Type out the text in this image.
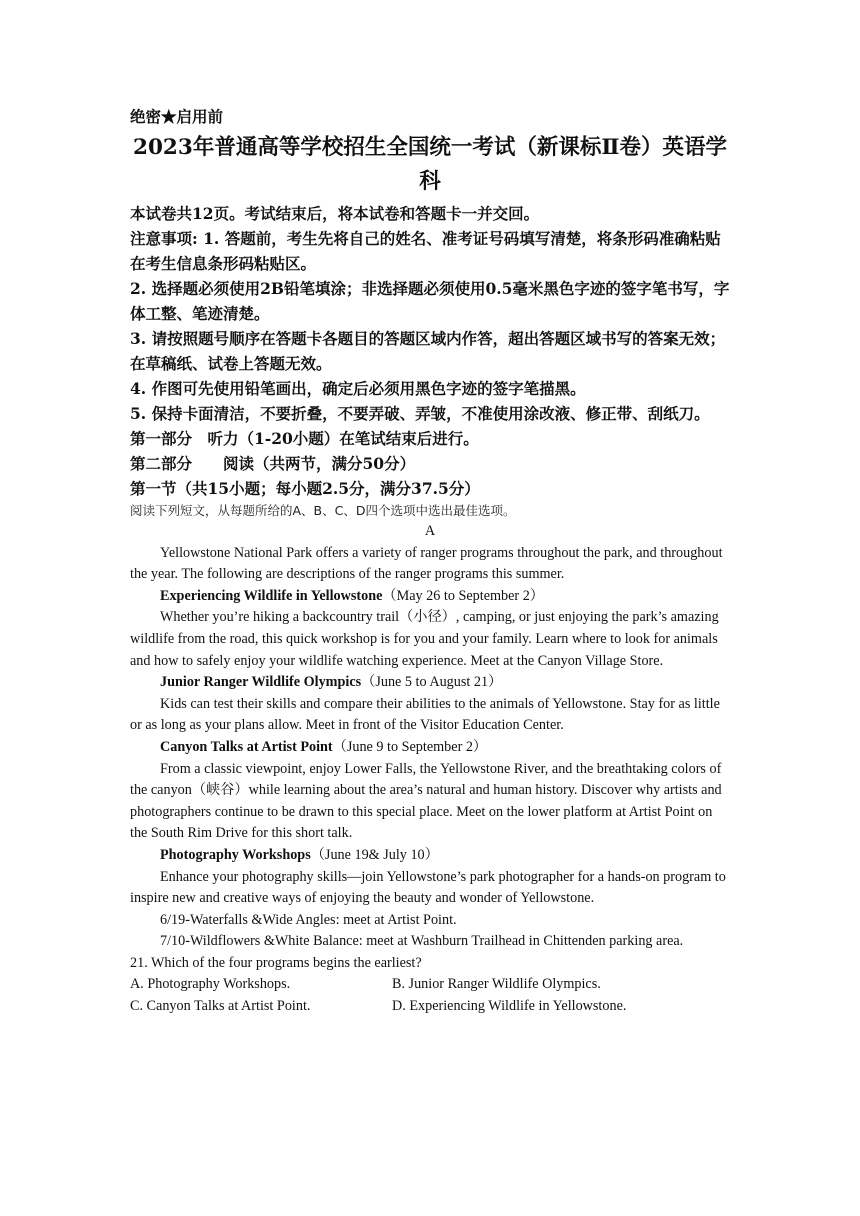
绝密★启用前
2023年普通高等学校招生全国统一考试（新课标Ⅱ卷）英语学科

本试卷共12页。考试结束后，将本试卷和答题卡一并交回。

注意事项: 1. 答题前，考生先将自己的姓名、准考证号码填写清楚，将条形码准确粘贴在考生信息条形码粘贴区。

2. 选择题必须使用2B铅笔填涂；非选择题必须使用0.5毫米黑色字迹的签字笔书写，字体工整、笔迹清楚。

3. 请按照题号顺序在答题卡各题目的答题区域内作答，超出答题区域书写的答案无效；在草稿纸、试卷上答题无效。

4. 作图可先使用铅笔画出，确定后必须用黑色字迹的签字笔描黑。

5. 保持卡面清洁，不要折叠，不要弄破、弄皱，不准使用涂改液、修正带、刮纸刀。

第一部分　听力（1-20小题）在笔试结束后进行。

第二部分　　阅读（共两节，满分50分）

第一节（共15小题；每小题2.5分，满分37.5分）

阅读下列短文，从每题所给的A、B、C、D四个选项中选出最佳选项。

A

Yellowstone National Park offers a variety of ranger programs throughout the park, and throughout the year. The following are descriptions of the ranger programs this summer.

Experiencing Wildlife in Yellowstone（May 26 to September 2）

Whether you’re hiking a backcountry trail（小径）, camping, or just enjoying the park’s amazing wildlife from the road, this quick workshop is for you and your family. Learn where to look for animals and how to safely enjoy your wildlife watching experience. Meet at the Canyon Village Store.

Junior Ranger Wildlife Olympics（June 5 to August 21）

Kids can test their skills and compare their abilities to the animals of Yellowstone. Stay for as little or as long as your plans allow. Meet in front of the Visitor Education Center.

Canyon Talks at Artist Point（June 9 to September 2）

From a classic viewpoint, enjoy Lower Falls, the Yellowstone River, and the breathtaking colors of the canyon（峡谷）while learning about the area’s natural and human history. Discover why artists and photographers continue to be drawn to this special place. Meet on the lower platform at Artist Point on the South Rim Drive for this short talk.

Photography Workshops（June 19& July 10）

Enhance your photography skills—join Yellowstone’s park photographer for a hands-on program to inspire new and creative ways of enjoying the beauty and wonder of Yellowstone.

6/19-Waterfalls &Wide Angles: meet at Artist Point.

7/10-Wildflowers &White Balance: meet at Washburn Trailhead in Chittenden parking area.

21. Which of the four programs begins the earliest?

A. Photography Workshops.	B. Junior Ranger Wildlife Olympics.
C. Canyon Talks at Artist Point.	D. Experiencing Wildlife in Yellowstone.
